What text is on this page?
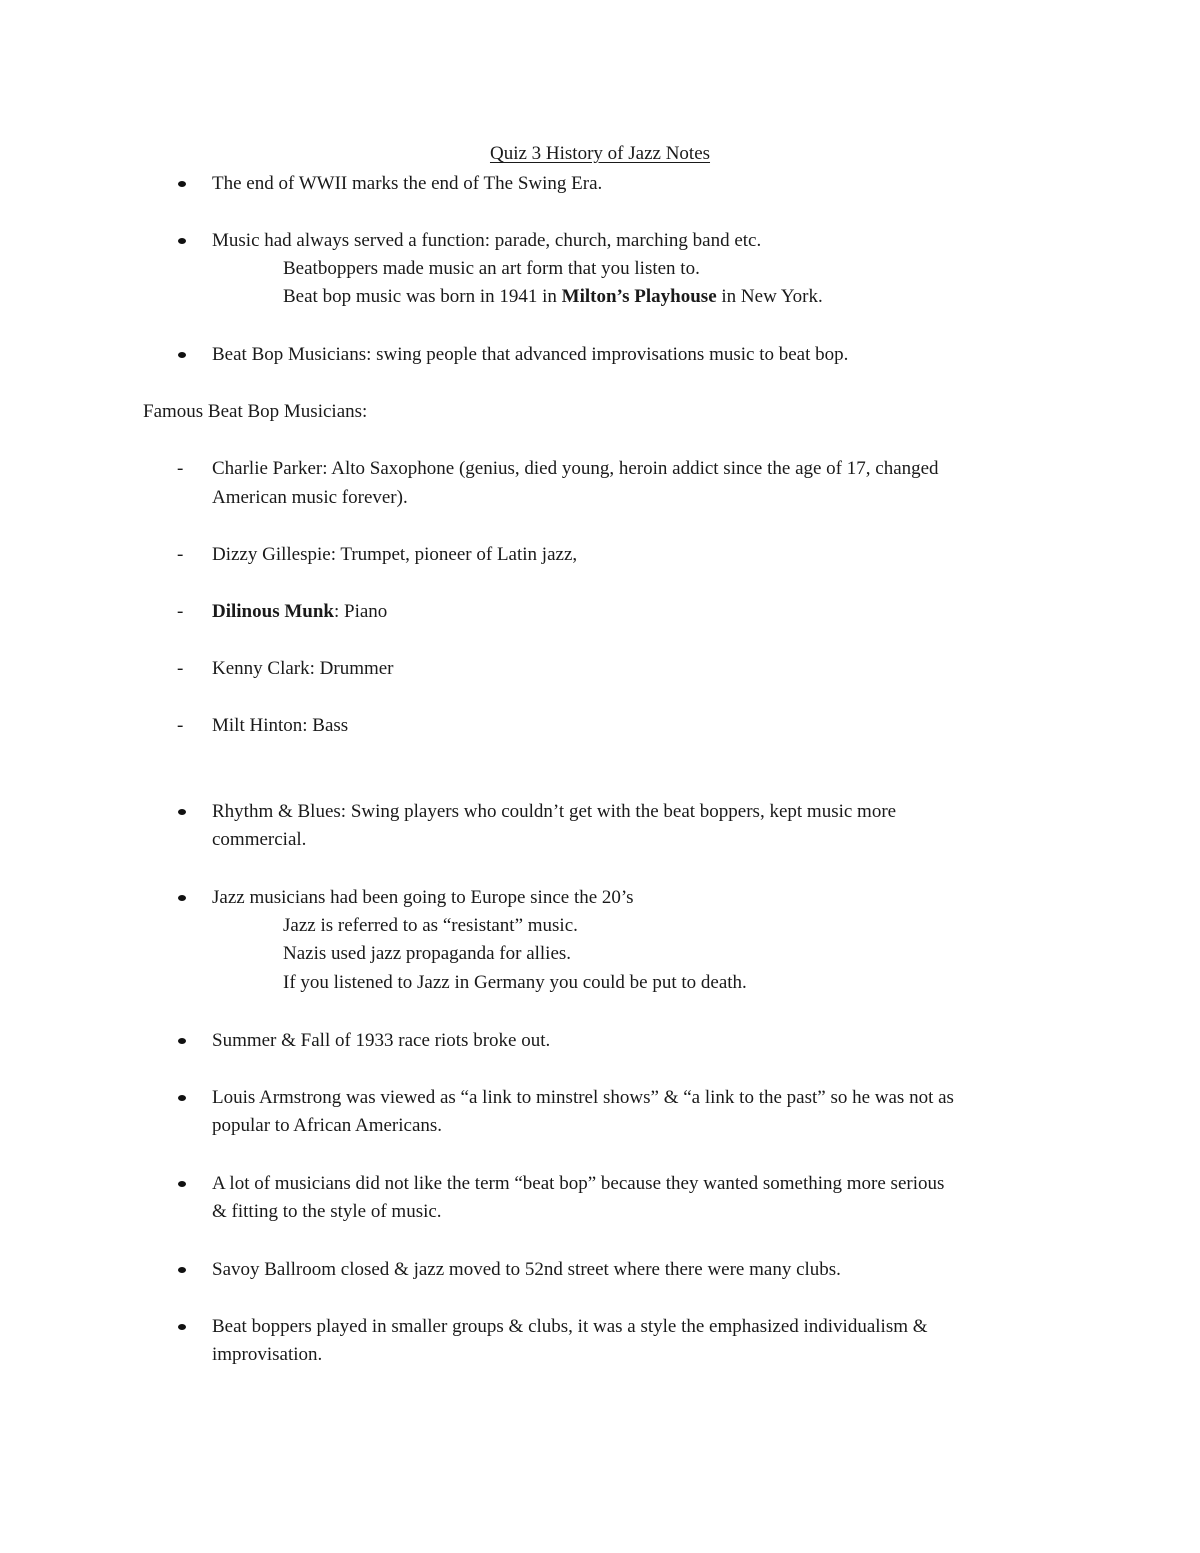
Quiz 3 History of Jazz Notes
The end of WWII marks the end of The Swing Era.
Music had always served a function: parade, church, marching band etc.
Beatboppers made music an art form that you listen to.
Beat bop music was born in 1941 in Milton’s Playhouse in New York.
Beat Bop Musicians: swing people that advanced improvisations music to beat bop.
Famous Beat Bop Musicians:
- Charlie Parker: Alto Saxophone (genius, died young, heroin addict since the age of 17, changed
American music forever).
- Dizzy Gillespie: Trumpet, pioneer of Latin jazz,
- Dilinous Munk: Piano
- Kenny Clark: Drummer
- Milt Hinton: Bass
Rhythm & Blues: Swing players who couldn’t get with the beat boppers, kept music more
commercial.
Jazz musicians had been going to Europe since the 20’s
Jazz is referred to as “resistant” music.
Nazis used jazz propaganda for allies.
If you listened to Jazz in Germany you could be put to death.
Summer & Fall of 1933 race riots broke out.
Louis Armstrong was viewed as “a link to minstrel shows” & “a link to the past” so he was not as
popular to African Americans.
A lot of musicians did not like the term “beat bop” because they wanted something more serious
& fitting to the style of music.
Savoy Ballroom closed & jazz moved to 52nd street where there were many clubs.
Beat boppers played in smaller groups & clubs, it was a style the emphasized individualism &
improvisation.
